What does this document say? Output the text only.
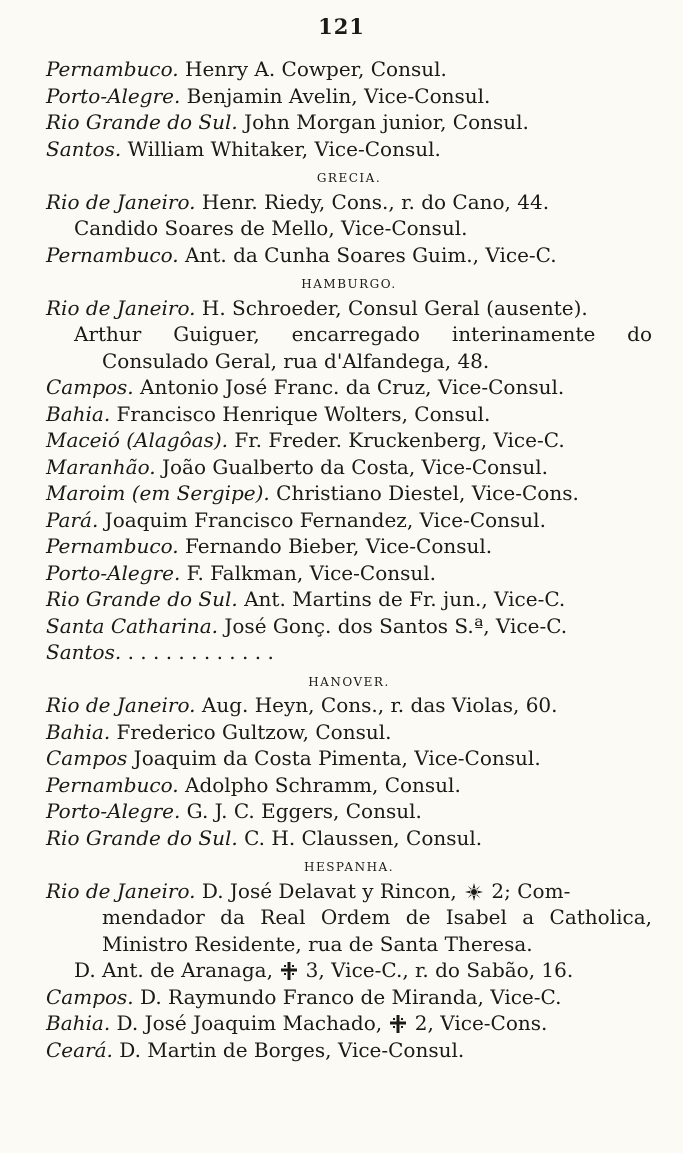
121
Pernambuco. Henry A. Cowper, Consul.
Porto-Alegre. Benjamin Avelin, Vice-Consul.
Rio Grande do Sul. John Morgan junior, Consul.
Santos. William Whitaker, Vice-Consul.
GRECIA.
Rio de Janeiro. Henr. Riedy, Cons., r. do Cano, 44.
Candido Soares de Mello, Vice-Consul.
Pernambuco. Ant. da Cunha Soares Guim., Vice-C.
HAMBURGO.
Rio de Janeiro. H. Schroeder, Consul Geral (ausente).
Arthur Guiguer, encarregado interinamente do
Consulado Geral, rua d'Alfandega, 48.
Campos. Antonio José Franc. da Cruz, Vice-Consul.
Bahia. Francisco Henrique Wolters, Consul.
Maceió (Alagôas). Fr. Freder. Kruckenberg, Vice-C.
Maranhão. João Gualberto da Costa, Vice-Consul.
Maroim (em Sergipe). Christiano Diestel, Vice-Cons.
Pará. Joaquim Francisco Fernandez, Vice-Consul.
Pernambuco. Fernando Bieber, Vice-Consul.
Porto-Alegre. F. Falkman, Vice-Consul.
Rio Grande do Sul. Ant. Martins de Fr. jun., Vice-C.
Santa Catharina. José Gonç. dos Santos S.ª, Vice-C.
Santos. . . . . . . . . . . . .
HANOVER.
Rio de Janeiro. Aug. Heyn, Cons., r. das Violas, 60.
Bahia. Frederico Gultzow, Consul.
Campos Joaquim da Costa Pimenta, Vice-Consul.
Pernambuco. Adolpho Schramm, Consul.
Porto-Alegre. G. J. C. Eggers, Consul.
Rio Grande do Sul. C. H. Claussen, Consul.
HESPANHA.
Rio de Janeiro. D. José Delavat y Rincon,  2; Com-
mendador da Real Ordem de Isabel a Catholica,
Ministro Residente, rua de Santa Theresa.
D. Ant. de Aranaga,  3, Vice-C., r. do Sabão, 16.
Campos. D. Raymundo Franco de Miranda, Vice-C.
Bahia. D. José Joaquim Machado,  2, Vice-Cons.
Ceará. D. Martin de Borges, Vice-Consul.
